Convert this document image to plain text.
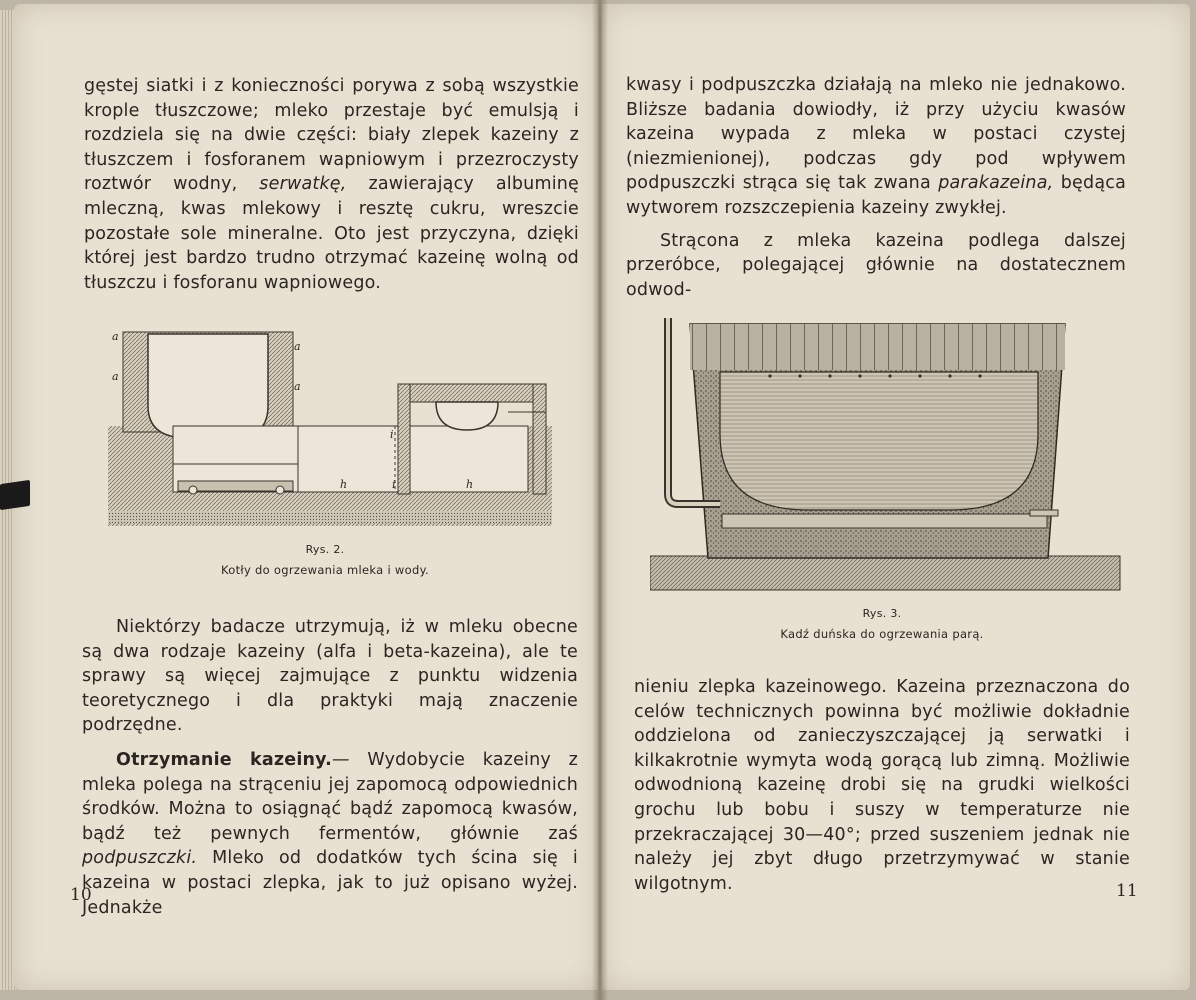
gęstej siatki i z konieczności porywa z sobą wszystkie krople tłuszczowe; mleko przestaje być emulsją i rozdziela się na dwie części: biały zlepek kazeiny z tłuszczem i fosforanem wapniowym i przezroczysty roztwór wodny, serwatkę, zawierający albuminę mleczną, kwas mlekowy i resztę cukru, wreszcie pozostałe sole mineralne. Oto jest przyczyna, dzięki której jest bardzo trudno otrzymać kazeinę wolną od tłuszczu i fosforanu wapniowego.

a
a
a
a
i
i
h	h
Rys. 2.
Kotły do ogrzewania mleka i wody.

Niektórzy badacze utrzymują, iż w mleku obecne są dwa rodzaje kazeiny (alfa i beta-kazeina), ale te sprawy są więcej zajmujące z punktu widzenia teoretycznego i dla praktyki mają znaczenie podrzędne.

Otrzymanie kazeiny.— Wydobycie kazeiny z mleka polega na strąceniu jej zapomocą odpowiednich środków. Można to osiągnąć bądź zapomocą kwasów, bądź też pewnych fermentów, głównie zaś podpuszczki. Mleko od dodatków tych ścina się i kazeina w postaci zlepka, jak to już opisano wyżej. Jednakże

10

kwasy i podpuszczka działają na mleko nie jednakowo. Bliższe badania dowiodły, iż przy użyciu kwasów kazeina wypada z mleka w postaci czystej (niezmienionej), podczas gdy pod wpływem podpuszczki strąca się tak zwana parakazeina, będąca wytworem rozszczepienia kazeiny zwykłej.

Strącona z mleka kazeina podlega dalszej przeróbce, polegającej głównie na dostatecznem odwod-

Rys. 3.
Kadź duńska do ogrzewania parą.

nieniu zlepka kazeinowego. Kazeina przeznaczona do celów technicznych powinna być możliwie dokładnie oddzielona od zanieczyszczającej ją serwatki i kilkakrotnie wymyta wodą gorącą lub zimną. Możliwie odwodnioną kazeinę drobi się na grudki wielkości grochu lub bobu i suszy w temperaturze nie przekraczającej 30—40°; przed suszeniem jednak nie należy jej zbyt długo przetrzymywać w stanie wilgotnym.	11
